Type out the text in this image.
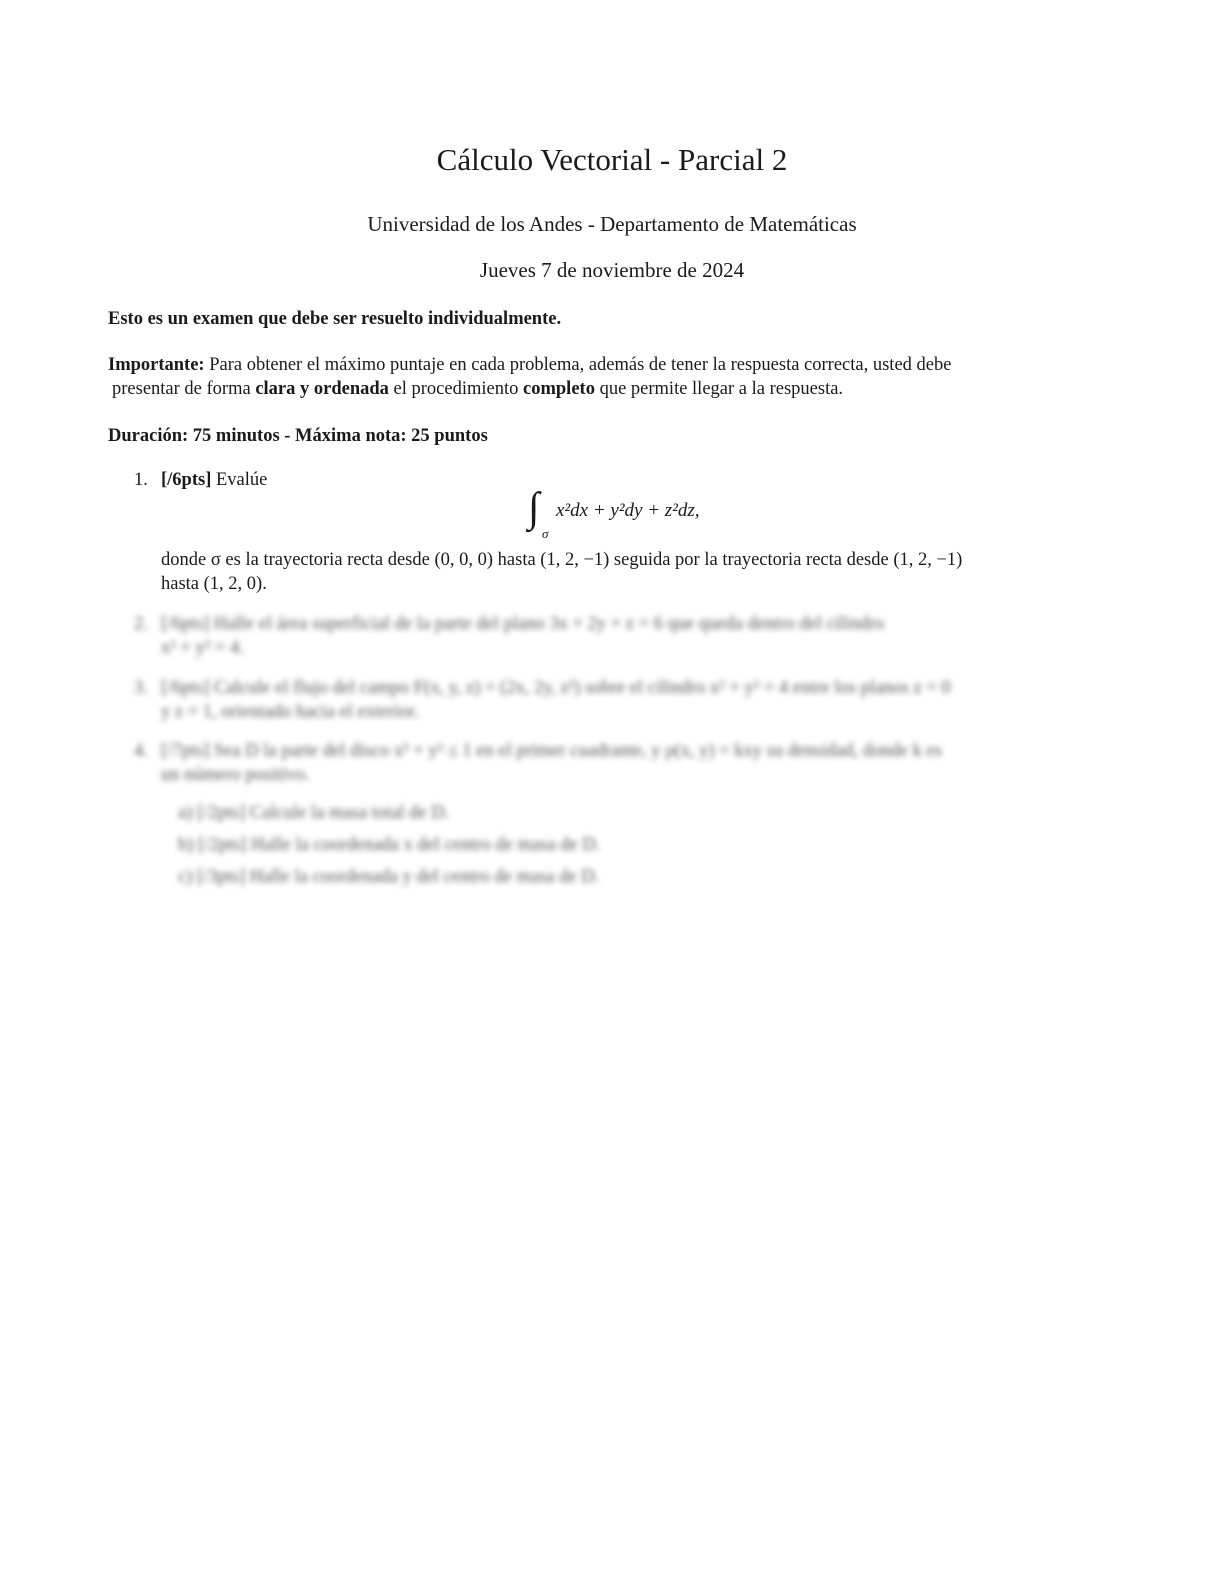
Cálculo Vectorial - Parcial 2
Universidad de los Andes - Departamento de Matemáticas
Jueves 7 de noviembre de 2024
Esto es un examen que debe ser resuelto individualmente.
Importante: Para obtener el máximo puntaje en cada problema, además de tener la respuesta correcta, usted debe
presentar de forma clara y ordenada el procedimiento completo que permite llegar a la respuesta.
Duración: 75 minutos - Máxima nota: 25 puntos
1. [/6pts] Evalúe
∫
σ
x²dx + y²dy + z²dz,
donde σ es la trayectoria recta desde (0, 0, 0) hasta (1, 2, −1) seguida por la trayectoria recta desde (1, 2, −1)
hasta (1, 2, 0).
2. [/6pts] Halle el área superficial de la parte del plano 3x + 2y + z = 6 que queda dentro del cilindro
x² + y² = 4.
3. [/6pts] Calcule el flujo del campo F(x, y, z) = (2x, 2y, z²) sobre el cilindro x² + y² = 4 entre los planos z = 0
y z = 1, orientado hacia el exterior.
4. [/7pts] Sea D la parte del disco x² + y² ≤ 1 en el primer cuadrante, y ρ(x, y) = kxy su densidad, donde k es
un número positivo.
a) [/2pts] Calcule la masa total de D.
b) [/2pts] Halle la coordenada x del centro de masa de D.
c) [/3pts] Halle la coordenada y del centro de masa de D.
